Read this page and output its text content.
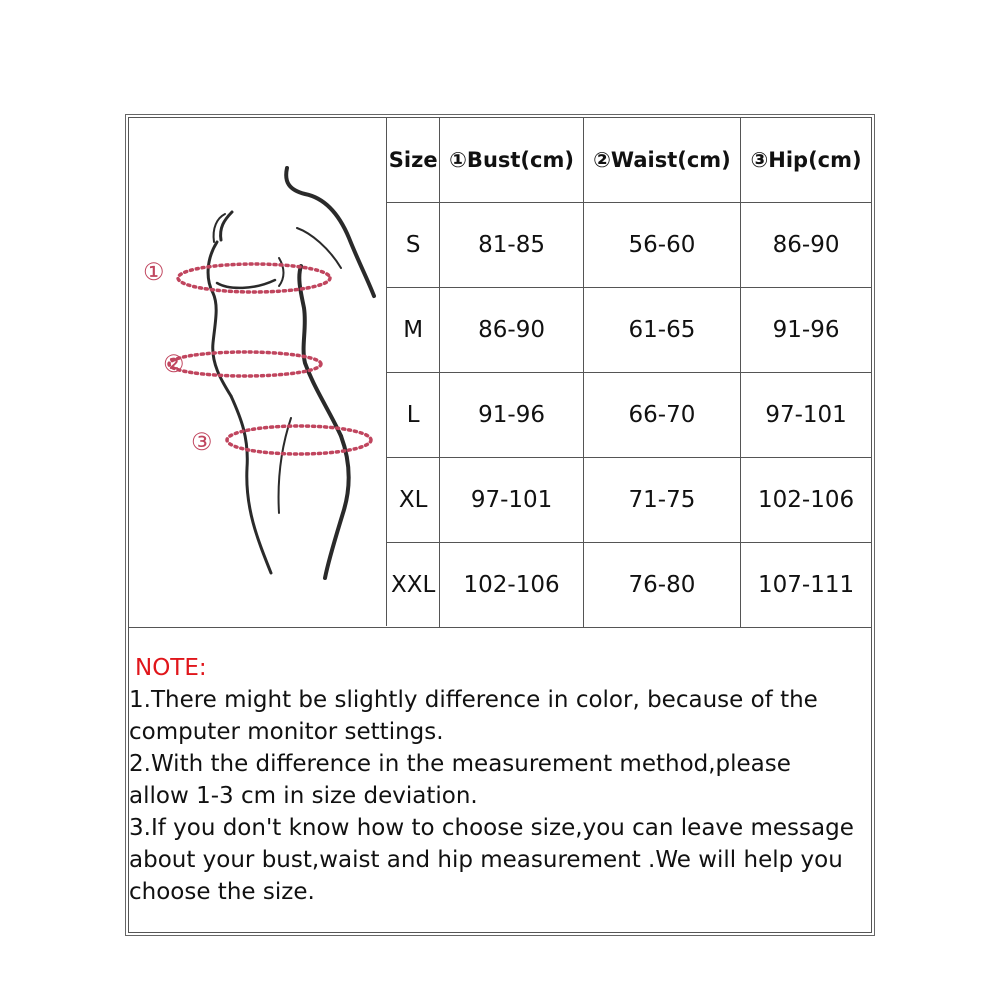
①
②
③
Size	①Bust(cm)	②Waist(cm)	③Hip(cm)
S	81-85	56-60	86-90
M	86-90	61-65	91-96
L	91-96	66-70	97-101
XL	97-101	71-75	102-106
XXL	102-106	76-80	107-111

NOTE:

1.There might be slightly difference in color, because of the

computer monitor settings.

2.With the difference in the measurement method,please

allow 1-3 cm in size deviation.

3.If you don't know how to choose size,you can leave message

about your bust,waist and hip measurement .We will help you

choose the size.
